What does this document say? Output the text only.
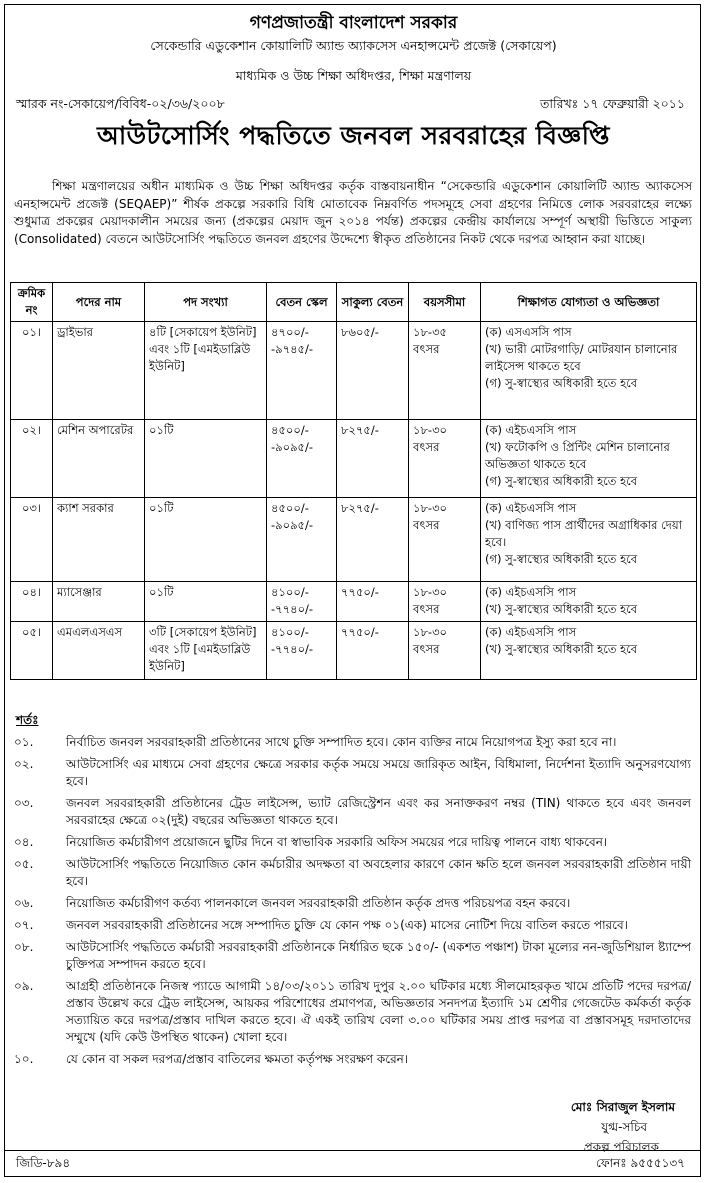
গণপ্রজাতন্ত্রী বাংলাদেশ সরকার
সেকেন্ডারি এডুকেশান কোয়ালিটি অ্যান্ড অ্যাকসেস এনহান্সমেন্ট প্রজেক্ট (সেকায়েপ)
মাধ্যমিক ও উচ্চ শিক্ষা অধিদপ্তর, শিক্ষা মন্ত্রণালয়
স্মারক নং-সেকায়েপ/বিবিধ-০২/৩৬/২০০৮	তারিখঃ ১৭ ফেব্রুয়ারী ২০১১
আউটসোর্সিং পদ্ধতিতে জনবল সরবরাহের বিজ্ঞপ্তি

শিক্ষা মন্ত্রণালয়ের অধীন মাধ্যমিক ও উচ্চ শিক্ষা অধিদপ্তর কর্তৃক বাস্তবায়নাধীন “সেকেন্ডারি এডুকেশান কোয়ালিটি অ্যান্ড অ্যাকসেস এনহান্সমেন্ট প্রজেক্ট (SEQAEP)” শীর্ষক প্রকল্পে সরকারি বিধি মোতাবেক নিম্নবর্ণিত পদসমূহে সেবা গ্রহণের নিমিত্তে লোক সরবরাহের লক্ষ্যে শুধুমাত্র প্রকল্পের মেয়াদকালীন সময়ের জন্য (প্রকল্পের মেয়াদ জুন ২০১৪ পর্যন্ত) প্রকল্পের কেন্দ্রীয় কার্যালয়ে সম্পূর্ণ অস্থায়ী ভিত্তিতে সাকুল্য (Consolidated) বেতনে আউটসোর্সিং পদ্ধতিতে জনবল গ্রহণের উদ্দেশ্যে স্বীকৃত প্রতিষ্ঠানের নিকট থেকে দরপত্র আহ্বান করা যাচ্ছে।

ক্রমিক নং	পদের নাম	পদ সংখ্যা	বেতন স্কেল	সাকুল্য বেতন	বয়সসীমা	শিক্ষাগত যোগ্যতা ও অভিজ্ঞতা
০১।	ড্রাইভার	৪টি [সেকায়েপ ইউনিট] এবং ১টি [এমইডাব্লিউ ইউনিট]	৪৭০০/- -৯৭৪৫/-	৮৬০৫/-	১৮-৩৫ বৎসর	(ক) এসএসসি পাস
(খ) ভারী মোটরগাড়ি/ মোটরযান চালানোর লাইসেন্স থাকতে হবে
(গ) সু-স্বাস্থ্যের অধিকারী হতে হবে

০২।	মেশিন অপারেটর	০১টি	৪৫০০/- -৯০৯৫/-	৮২৭৫/-	১৮-৩০ বৎসর	(ক) এইচএসসি পাস
(খ) ফটোকপি ও প্রিন্টিং মেশিন চালানোর অভিজ্ঞতা থাকতে হবে
(গ) সু-স্বাস্থ্যের অধিকারী হতে হবে

০৩।	ক্যাশ সরকার	০১টি	৪৫০০/- -৯০৯৫/-	৮২৭৫/-	১৮-৩০ বৎসর	(ক) এইচএসসি পাস
(খ) বাণিজ্য পাস প্রার্থীদের অগ্রাধিকার দেয়া হবে।
(গ) সু-স্বাস্থ্যের অধিকারী হতে হবে

০৪।	ম্যাসেঞ্জার	০১টি	৪১০০/- -৭৭৪০/-	৭৭৫০/-	১৮-৩০ বৎসর	(ক) এইচএসসি পাস
(খ) সু-স্বাস্থ্যের অধিকারী হতে হবে

০৫।	এমএলএসএস	৩টি [সেকায়েপ ইউনিট] এবং ১টি [এমইডাব্লিউ ইউনিট]	৪১০০/- -৭৭৪০/-	৭৭৫০/-	১৮-৩০ বৎসর	(ক) এইচএসসি পাস
(খ) সু-স্বাস্থ্যের অধিকারী হতে হবে
শর্তঃ
০১.	নির্বাচিত জনবল সরবরাহকারী প্রতিষ্ঠানের সাথে চুক্তি সম্পাদিত হবে। কোন ব্যক্তির নামে নিয়োগপত্র ইস্যু করা হবে না।
০২.	আউটসোর্সিং এর মাধ্যমে সেবা গ্রহণের ক্ষেত্রে সরকার কর্তৃক সময়ে সময়ে জারিকৃত আইন, বিধিমালা, নির্দেশনা ইত্যাদি অনুসরণযোগ্য হবে।
০৩.	জনবল সরবরাহকারী প্রতিষ্ঠানের ট্রেড লাইসেন্স, ভ্যাট রেজিস্ট্রেশন এবং কর সনাক্তকরণ নম্বর (TIN) থাকতে হবে এবং জনবল সরবরাহের ক্ষেত্রে ০২(দুই) বছরের অভিজ্ঞতা থাকতে হবে।
০৪.	নিয়োজিত কর্মচারীগণ প্রয়োজনে ছুটির দিনে বা স্বাভাবিক সরকারি অফিস সময়ের পরে দায়িত্ব পালনে বাধ্য থাকবেন।
০৫.	আউটসোর্সিং পদ্ধতিতে নিয়োজিত কোন কর্মচারীর অদক্ষতা বা অবহেলার কারণে কোন ক্ষতি হলে জনবল সরবরাহকারী প্রতিষ্ঠান দায়ী হবে।
০৬.	নিয়োজিত কর্মচারীগণ কর্তব্য পালনকালে জনবল সরবরাহকারী প্রতিষ্ঠান কর্তৃক প্রদত্ত পরিচয়পত্র বহন করবে।
০৭.	জনবল সরবরাহকারী প্রতিষ্ঠানের সঙ্গে সম্পাদিত চুক্তি যে কোন পক্ষ ০১(এক) মাসের নোটিশ দিয়ে বাতিল করতে পারবে।
০৮.	আউটসোর্সিং পদ্ধতিতে কর্মচারী সরবরাহকারী প্রতিষ্ঠানকে নির্ধারিত ছকে ১৫০/- (একশত পঞ্চাশ) টাকা মূল্যের নন-জুডিশিয়াল ষ্ট্যাম্পে চুক্তিপত্র সম্পাদন করতে হবে।
০৯.	আগ্রহী প্রতিষ্ঠানকে নিজস্ব প্যাডে আগামী ১৪/০৩/২০১১ তারিখ দুপুর ২.০০ ঘটিকার মধ্যে সীলমোহরকৃত খামে প্রতিটি পদের দরপত্র/প্রস্তাব উল্লেখ করে ট্রেড লাইসেন্স, আয়কর পরিশোধের প্রমাণপত্র, অভিজ্ঞতার সনদপত্র ইত্যাদি ১ম শ্রেণীর গেজেটেড কর্মকর্তা কর্তৃক সত্যায়িত করে দরপত্র/প্রস্তাব দাখিল করতে হবে। ঐ একই তারিখ বেলা ৩.০০ ঘটিকার সময় প্রাপ্ত দরপত্র বা প্রস্তাবসমূহ দরদাতাদের সম্মুখে (যদি কেউ উপস্থিত থাকেন) খোলা হবে।
১০.	যে কোন বা সকল দরপত্র/প্রস্তাব বাতিলের ক্ষমতা কর্তৃপক্ষ সংরক্ষণ করেন।
মোঃ সিরাজুল ইসলাম
যুগ্ম-সচিব
প্রকল্প পরিচালক
জিডি-৮৯৪	ফোনঃ ৯৫৫৫১৩৭
